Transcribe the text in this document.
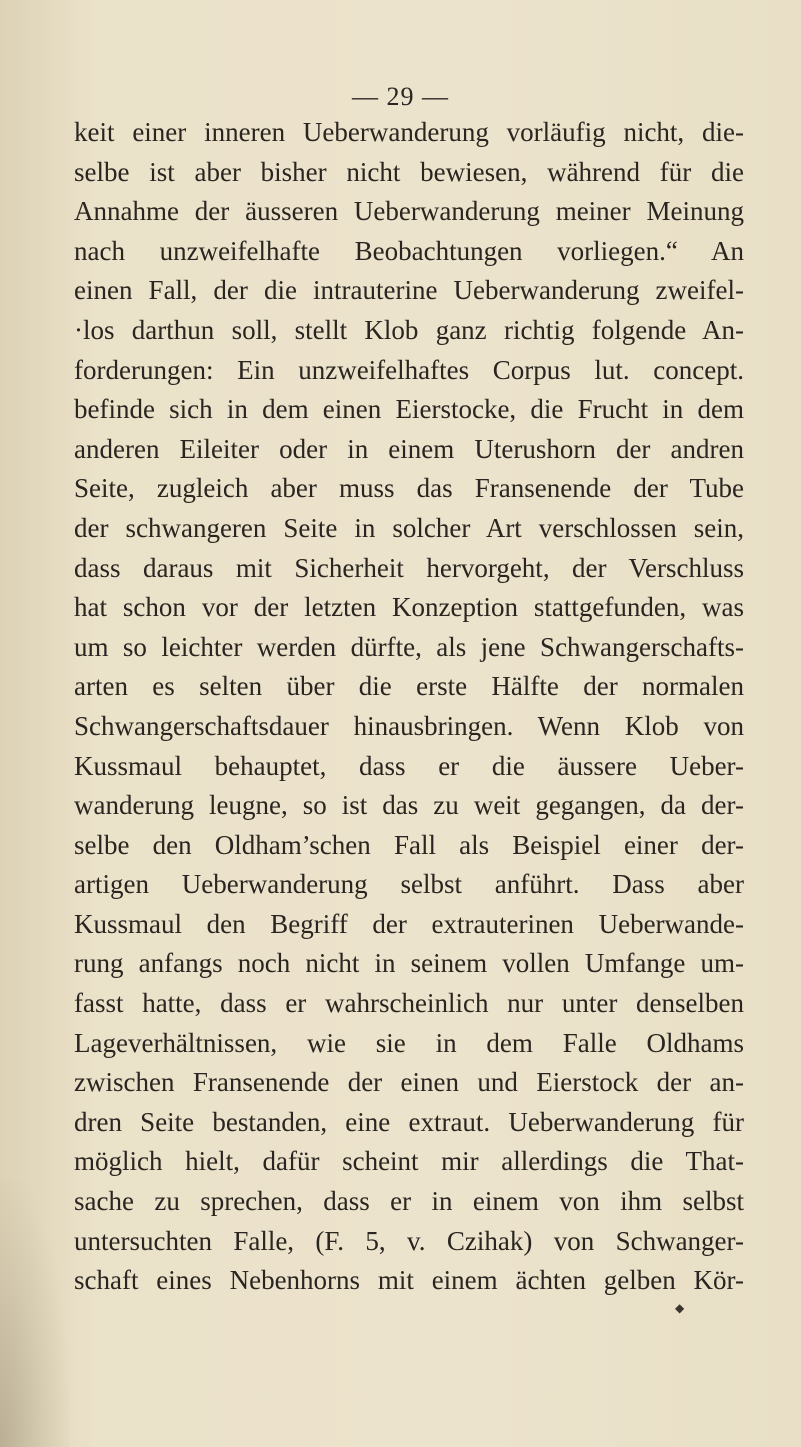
— 29 —
keit einer inneren Ueberwanderung vorläufig nicht, die-
selbe ist aber bisher nicht bewiesen, während für die
Annahme der äusseren Ueberwanderung meiner Meinung
nach unzweifelhafte Beobachtungen vorliegen.“ An
einen Fall, der die intrauterine Ueberwanderung zweifel-
·los darthun soll, stellt Klob ganz richtig folgende An-
forderungen: Ein unzweifelhaftes Corpus lut. concept.
befinde sich in dem einen Eierstocke, die Frucht in dem
anderen Eileiter oder in einem Uterushorn der andren
Seite, zugleich aber muss das Fransenende der Tube
der schwangeren Seite in solcher Art verschlossen sein,
dass daraus mit Sicherheit hervorgeht, der Verschluss
hat schon vor der letzten Konzeption stattgefunden, was
um so leichter werden dürfte, als jene Schwangerschafts-
arten es selten über die erste Hälfte der normalen
Schwangerschaftsdauer hinausbringen. Wenn Klob von
Kussmaul behauptet, dass er die äussere Ueber-
wanderung leugne, so ist das zu weit gegangen, da der-
selbe den Oldham’schen Fall als Beispiel einer der-
artigen Ueberwanderung selbst anführt. Dass aber
Kussmaul den Begriff der extrauterinen Ueberwande-
rung anfangs noch nicht in seinem vollen Umfange um-
fasst hatte, dass er wahrscheinlich nur unter denselben
Lageverhältnissen, wie sie in dem Falle Oldhams
zwischen Fransenende der einen und Eierstock der an-
dren Seite bestanden, eine extraut. Ueberwanderung für
möglich hielt, dafür scheint mir allerdings die That-
sache zu sprechen, dass er in einem von ihm selbst
untersuchten Falle, (F. 5, v. Czihak) von Schwanger-
schaft eines Nebenhorns mit einem ächten gelben Kör-
◆
